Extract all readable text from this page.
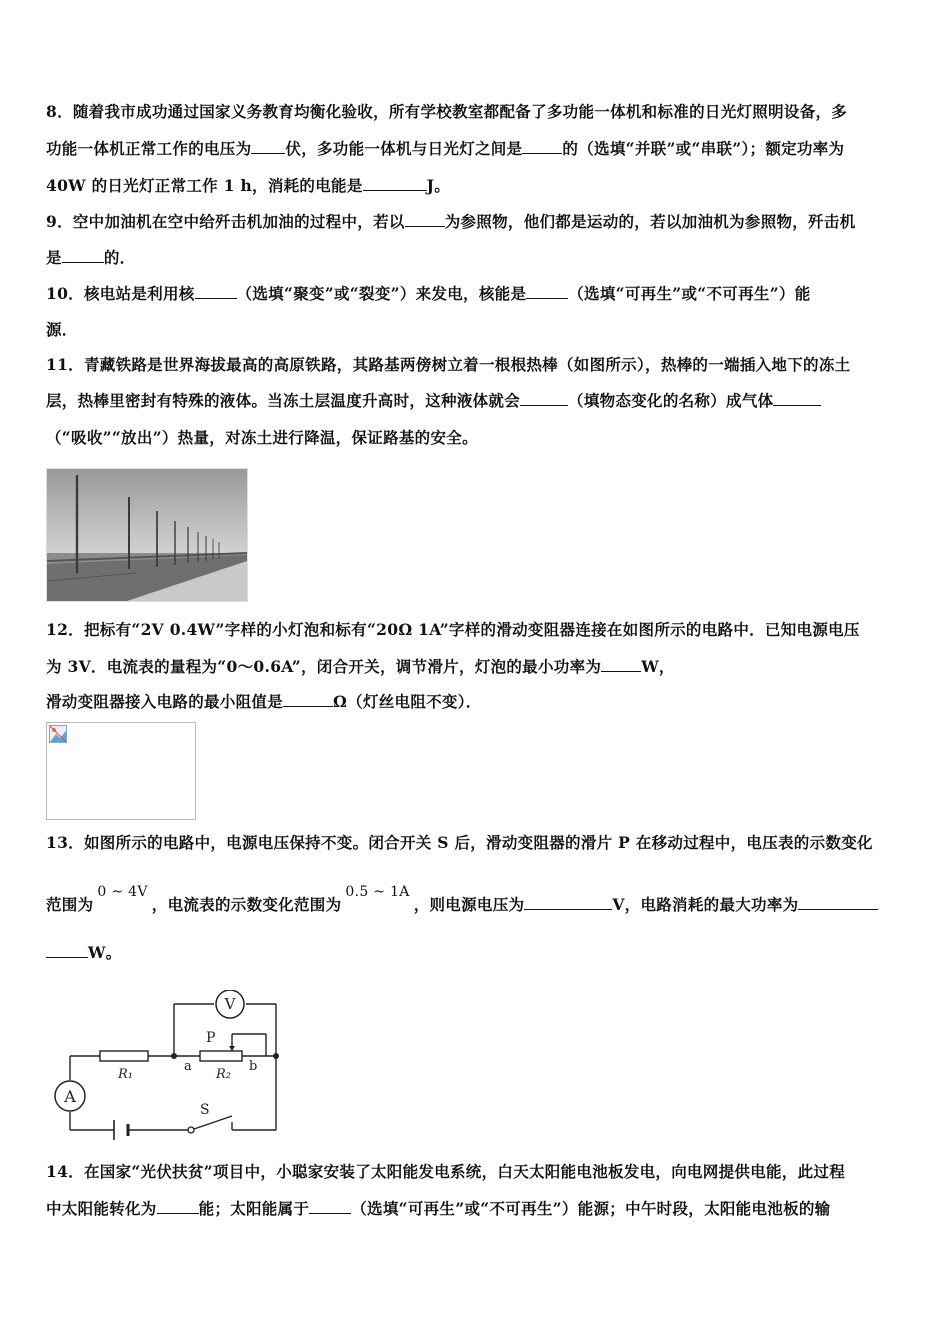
8．随着我市成功通过国家义务教育均衡化验收，所有学校教室都配备了多功能一体机和标准的日光灯照明设备，多
功能一体机正常工作的电压为 伏，多功能一体机与日光灯之间是	的（选填“并联”或“串联”）；额定功率为
40W 的日光灯正常工作 1 h，消耗的电能是	J。
9．空中加油机在空中给歼击机加油的过程中，若以	为参照物，他们都是运动的，若以加油机为参照物，歼击机
是	的．
10．核电站是利用核	（选填“聚变”或“裂变”）来发电，核能是	（选填“可再生”或“不可再生”）能
源．
11．青藏铁路是世界海拔最高的高原铁路，其路基两傍树立着一根根热棒（如图所示），热棒的一端插入地下的冻土
层，热棒里密封有特殊的液体。当冻土层温度升高时，这种液体就会	（填物态变化的名称）成气体
（“吸收”“放出”）热量，对冻土进行降温，保证路基的安全。
12．把标有“2V 0.4W”字样的小灯泡和标有“20Ω 1A”字样的滑动变阻器连接在如图所示的电路中．已知电源电压
为 3V．电流表的量程为“0～0.6A”，闭合开关，调节滑片，灯泡的最小功率为	W，
滑动变阻器接入电路的最小阻值是	Ω（灯丝电阻不变）．
13．如图所示的电路中，电源电压保持不变。闭合开关 S 后，滑动变阻器的滑片 P 在移动过程中，电压表的示数变化
范围为0 ~ 4V，电流表的示数变化范围为0.5 ~ 1A，则电源电压为	V，电路消耗的最大功率为
W。
V
A
R₁	R₂
P
a	b
S
14．在国家“光伏扶贫”项目中，小聪家安装了太阳能发电系统，白天太阳能电池板发电，向电网提供电能，此过程
中太阳能转化为	能；太阳能属于	（选填“可再生”或“不可再生”）能源；中午时段，太阳能电池板的输
